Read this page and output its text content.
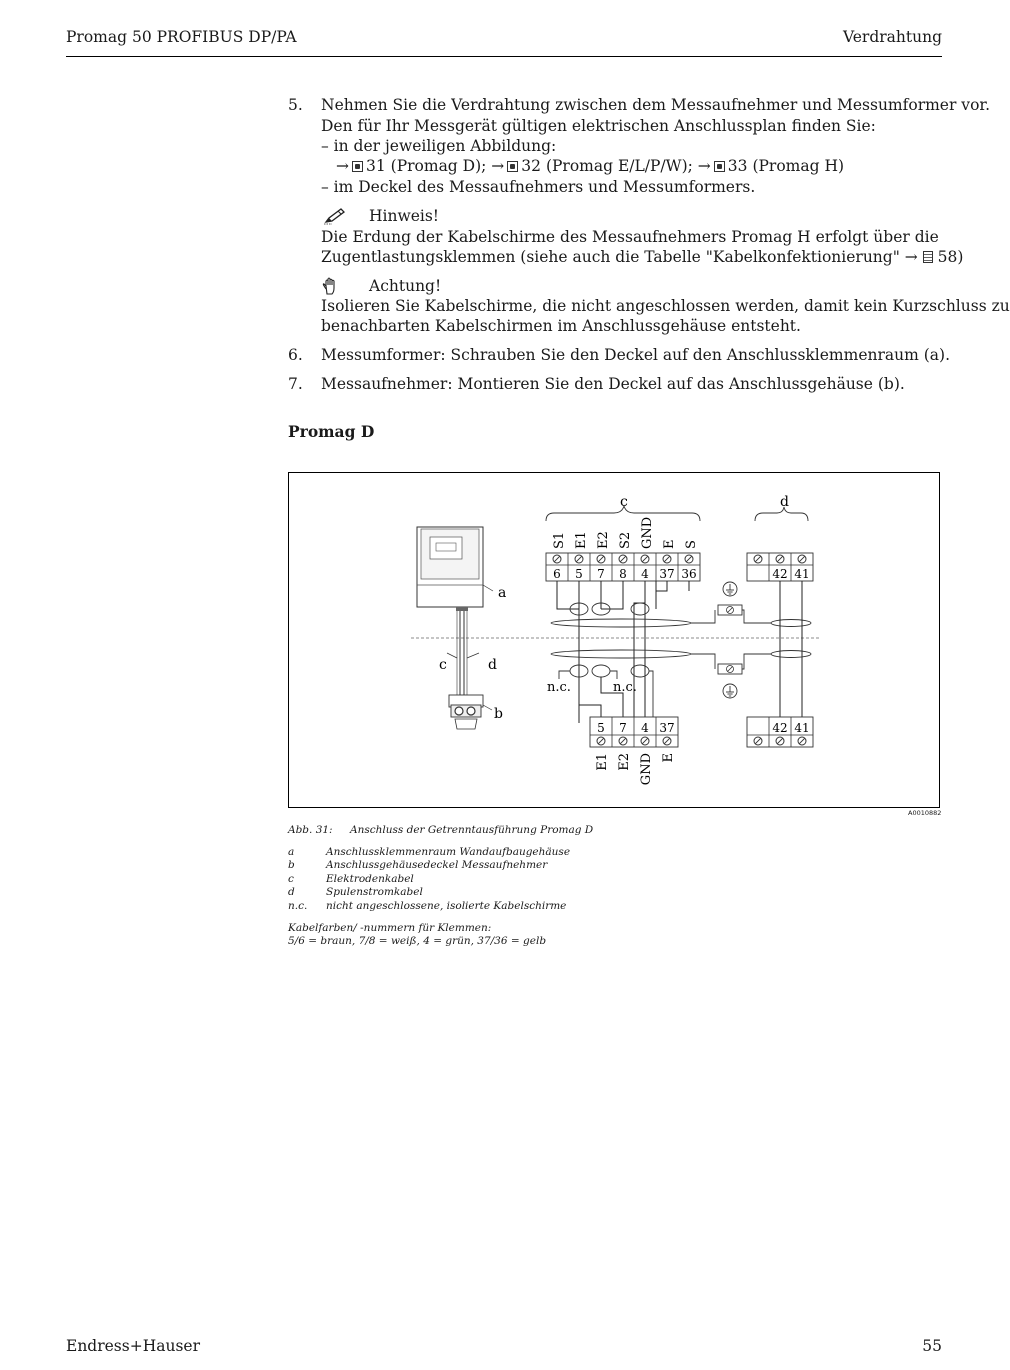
Promag 50 PROFIBUS DP/PA	Verdrahtung
5.	Nehmen Sie die Verdrahtung zwischen dem Messaufnehmer und Messumformer vor.
Den für Ihr Messgerät gültigen elektrischen Anschlussplan finden Sie:
– in der jeweiligen Abbildung:
→ 31 (Promag D); → 32 (Promag E/L/P/W); → 33 (Promag H)
– im Deckel des Messaufnehmers und Messumformers.
Hinweis!
Die Erdung der Kabelschirme des Messaufnehmers Promag H erfolgt über die
Zugentlastungsklemmen (siehe auch die Tabelle "Kabelkonfektionierung" → 58)
Achtung!
Isolieren Sie Kabelschirme, die nicht angeschlossen werden, damit kein Kurzschluss zu
benachbarten Kabelschirmen im Anschlussgehäuse entsteht.
6.	Messumformer: Schrauben Sie den Deckel auf den Anschlussklemmenraum (a).
7.	Messaufnehmer: Montieren Sie den Deckel auf das Anschlussgehäuse (b).
Promag D
a
c	d
b
c	d
S1 E1 E2 S2 GND E S
6 5 7 8 4 37 36	42 41
n.c.	n.c.
5 7 4 37	42 41
E1 E2 GND E
A0010882
Abb. 31: Anschluss der Getrenntausführung Promag D
a	Anschlussklemmenraum Wandaufbaugehäuse
b	Anschlussgehäusedeckel Messaufnehmer
c	Elektrodenkabel
d	Spulenstromkabel
n.c. nicht angeschlossene, isolierte Kabelschirme
Kabelfarben/ -nummern für Klemmen:
5/6 = braun, 7/8 = weiß, 4 = grün, 37/36 = gelb
Endress+Hauser	55
